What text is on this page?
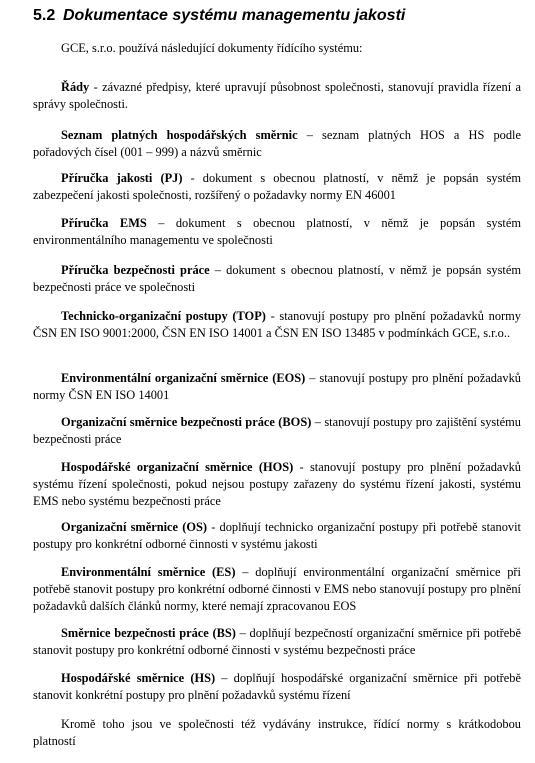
5.2 Dokumentace systému managementu jakosti

GCE, s.r.o. používá následující dokumenty řídícího systému:

Řády - závazné předpisy, které upravují působnost společnosti, stanovují pravidla řízení a správy společnosti.

Seznam platných hospodářských směrnic – seznam platných HOS a HS podle pořadových čísel (001 – 999) a názvů směrnic

Příručka jakosti (PJ) - dokument s obecnou platností, v němž je popsán systém zabezpečení jakosti společnosti, rozšířený o požadavky normy EN 46001

Příručka EMS – dokument s obecnou platností, v němž je popsán systém environmentálního managementu ve společnosti

Příručka bezpečnosti práce – dokument s obecnou platností, v němž je popsán systém bezpečnosti práce ve společnosti

Technicko-organizační postupy (TOP) - stanovují postupy pro plnění požadavků normy ČSN EN ISO 9001:2000, ČSN EN ISO 14001 a ČSN EN ISO 13485 v podmínkách GCE, s.r.o..

Environmentální organizační směrnice (EOS) – stanovují postupy pro plnění požadavků normy ČSN EN ISO 14001

Organizační směrnice bezpečnosti práce (BOS) – stanovují postupy pro zajištění systému bezpečnosti práce

Hospodářské organizační směrnice (HOS) - stanovují postupy pro plnění požadavků systému řízení společnosti, pokud nejsou postupy zařazeny do systému řízení jakosti, systému EMS nebo systému bezpečnosti práce

Organizační směrnice (OS) - doplňují technicko organizační postupy při potřebě stanovit postupy pro konkrétní odborné činnosti v systému jakosti

Environmentální směrnice (ES) – doplňují environmentální organizační směrnice při potřebě stanovit postupy pro konkrétní odborné činnosti v EMS nebo stanovují postupy pro plnění požadavků dalších článků normy, které nemají zpracovanou EOS

Směrnice bezpečnosti práce (BS) – doplňují bezpečností organizační směrnice při potřebě stanovit postupy pro konkrétní odborné činnosti v systému bezpečnosti práce

Hospodářské směrnice (HS) – doplňují hospodářské organizační směrnice při potřebě stanovit konkrétní postupy pro plnění požadavků systému řízení

Kromě toho jsou ve společnosti též vydávány instrukce, řídící normy s krátkodobou platností
